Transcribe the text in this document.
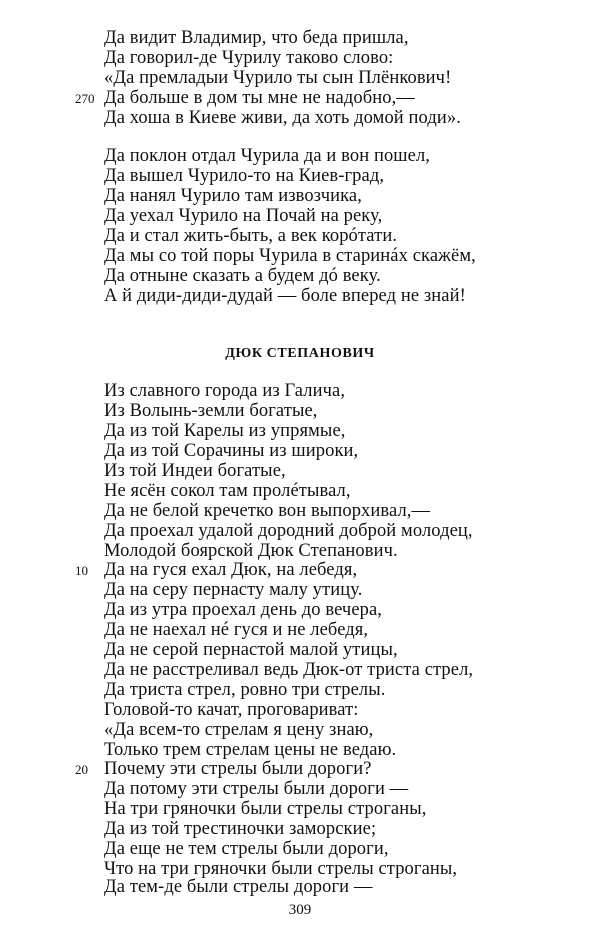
Да видит Владимир, что беда пришла,
Да говорил-де Чурилу таково слово:
«Да премладыи Чурило ты сын Плёнкович!
270 Да больше в дом ты мне не надобно,—
Да хоша в Киеве живи, да хоть домой поди».
Да поклон отдал Чурила да и вон пошел,
Да вышел Чурило-то на Киев-град,
Да нанял Чурило там извозчика,
Да уехал Чурило на Почай на реку,
Да и стал жить-быть, а век корóтати.
Да мы со той поры Чурила в старинáх скажём,
Да отныне сказать а будем дó веку.
А й диди-диди-дудай — боле вперед не знай!
ДЮК СТЕПАНОВИЧ
Из славного города из Галича,
Из Волынь-земли богатые,
Да из той Карелы из упрямые,
Да из той Сорачины из широки,
Из той Индеи богатые,
Не ясён сокол там пролéтывал,
Да не белой кречетко вон выпорхивал,—
Да проехал удалой дородний доброй молодец,
Молодой боярской Дюк Степанович.
10 Да на гуся ехал Дюк, на лебедя,
Да на серу пернасту малу утицу.
Да из утра проехал день до вечера,
Да не наехал нé гуся и не лебедя,
Да не серой пернастой малой утицы,
Да не расстреливал ведь Дюк-от триста стрел,
Да триста стрел, ровно три стрелы.
Головой-то качат, проговариват:
«Да всем-то стрелам я цену знаю,
Только трем стрелам цены не ведаю.
20 Почему эти стрелы были дороги?
Да потому эти стрелы были дороги —
На три гряночки были стрелы строганы,
Да из той трестиночки заморские;
Да еще не тем стрелы были дороги,
Что на три гряночки были стрелы строганы,
Да тем-де были стрелы дороги —
309
